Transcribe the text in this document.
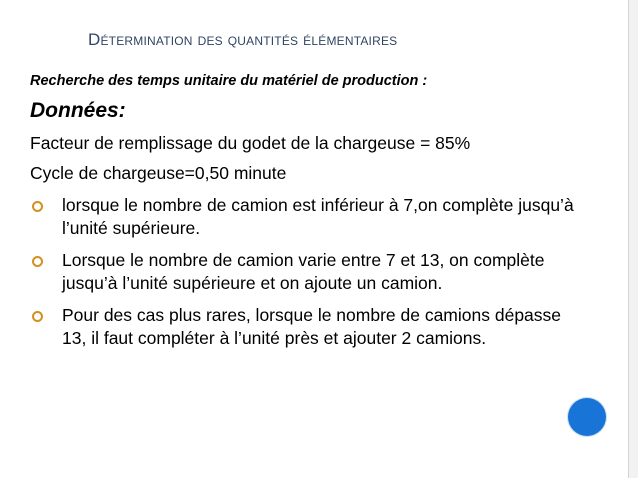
Détermination des quantités élémentaires
Recherche des temps unitaire du matériel de production :
Données:
Facteur de remplissage du godet de la chargeuse = 85%
Cycle de chargeuse=0,50 minute
lorsque le nombre de camion est inférieur à 7,on complète jusqu’à l’unité supérieure.
Lorsque le nombre de camion varie entre 7 et 13, on complète jusqu’à l’unité supérieure et on ajoute un camion.
Pour des cas plus rares, lorsque le nombre de camions dépasse 13, il faut compléter à l’unité près et ajouter 2 camions.
